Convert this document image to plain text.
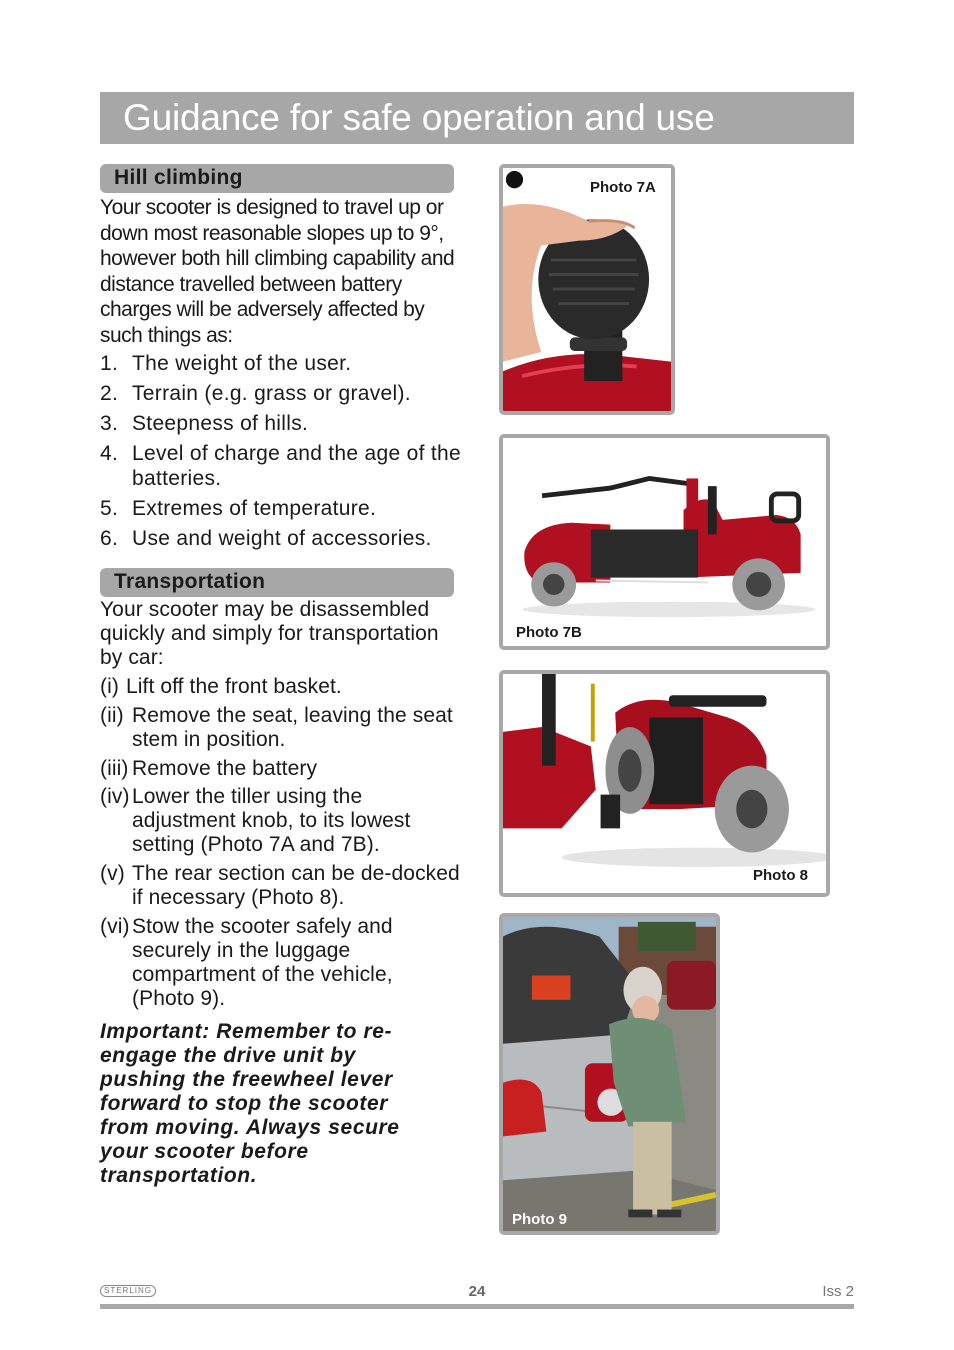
Guidance for safe operation and use
Hill climbing

Your scooter is designed to travel up or down most reasonable slopes up to 9°, however both hill climbing capability and distance travelled between battery charges will be adversely affected by such things as:

1. The weight of the user.
2. Terrain (e.g. grass or gravel).
3. Steepness of hills.
4. Level of charge and the age of the batteries.
5. Extremes of temperature.
6. Use and weight of accessories.
Transportation

Your scooter may be disassembled quickly and simply for transportation by car:

(i) Lift off the front basket.
(ii) Remove the seat, leaving the seat stem in position.
(iii) Remove the battery
(iv) Lower the tiller using the adjustment knob, to its lowest setting (Photo 7A and 7B).
(v) The rear section can be de-docked if necessary (Photo 8).
(vi) Stow the scooter safely and securely in the luggage compartment of the vehicle, (Photo 9).

Important: Remember to re-engage the drive unit by pushing the freewheel lever forward to stop the scooter from moving. Always secure your scooter before transportation.

Photo 7A
o 7
Photo 7B
Photo 8
Photo 9
STERLING	24	Iss 2
